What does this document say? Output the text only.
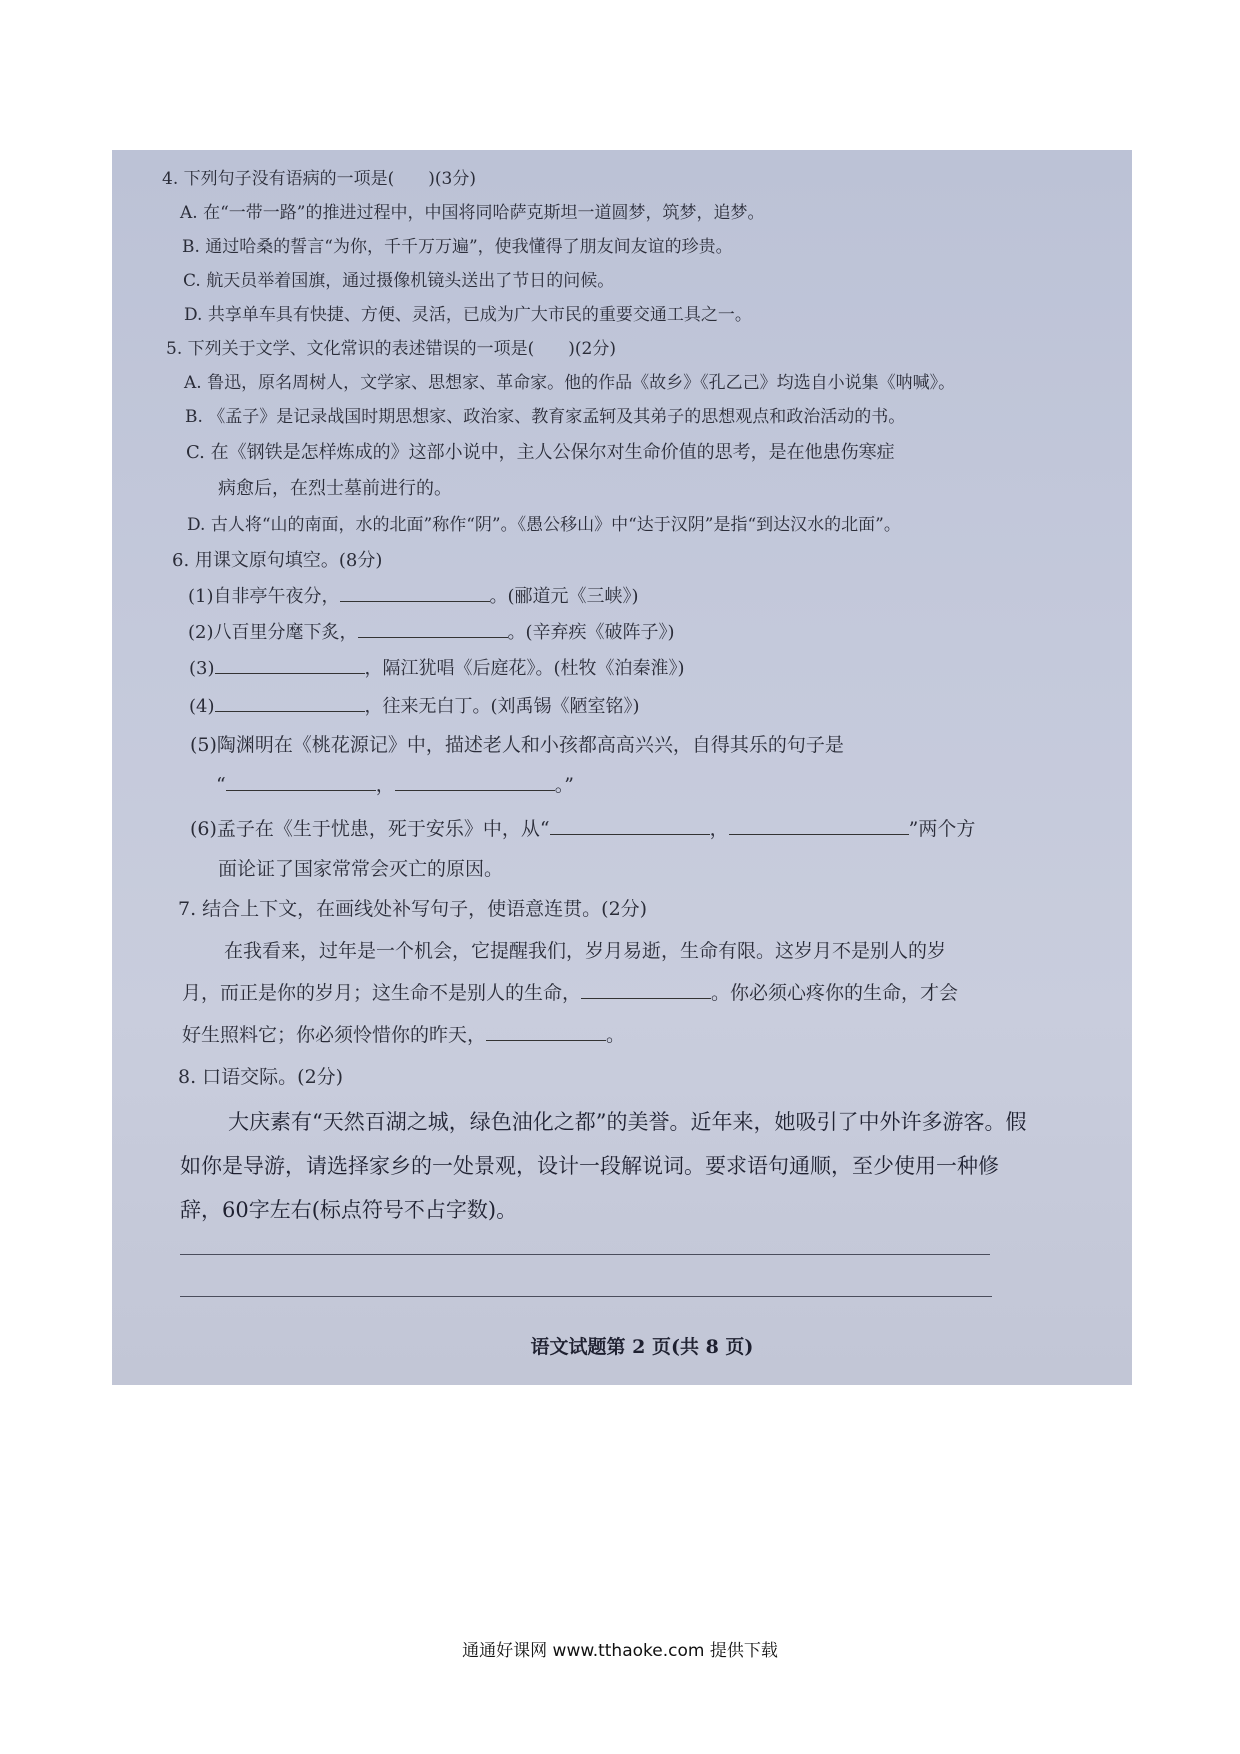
4. 下列句子没有语病的一项是(　　)(3分)
A. 在“一带一路”的推进过程中，中国将同哈萨克斯坦一道圆梦，筑梦，追梦。
B. 通过哈桑的誓言“为你，千千万万遍”，使我懂得了朋友间友谊的珍贵。
C. 航天员举着国旗，通过摄像机镜头送出了节日的问候。
D. 共享单车具有快捷、方便、灵活，已成为广大市民的重要交通工具之一。
5. 下列关于文学、文化常识的表述错误的一项是(　　)(2分)
A. 鲁迅，原名周树人，文学家、思想家、革命家。他的作品《故乡》《孔乙己》均选自小说集《呐喊》。
B. 《孟子》是记录战国时期思想家、政治家、教育家孟轲及其弟子的思想观点和政治活动的书。
C. 在《钢铁是怎样炼成的》这部小说中，主人公保尔对生命价值的思考，是在他患伤寒症
病愈后，在烈士墓前进行的。
D. 古人将“山的南面，水的北面”称作“阴”。《愚公移山》中“达于汉阴”是指“到达汉水的北面”。
6. 用课文原句填空。(8分)
(1)自非亭午夜分，	。(郦道元《三峡》)
(2)八百里分麾下炙，	。(辛弃疾《破阵子》)
(3)	，隔江犹唱《后庭花》。(杜牧《泊秦淮》)
(4)	，往来无白丁。(刘禹锡《陋室铭》)
(5)陶渊明在《桃花源记》中，描述老人和小孩都高高兴兴，自得其乐的句子是
“	，	。”
(6)孟子在《生于忧患，死于安乐》中，从“	，	”两个方
面论证了国家常常会灭亡的原因。
7. 结合上下文，在画线处补写句子，使语意连贯。(2分)
在我看来，过年是一个机会，它提醒我们，岁月易逝，生命有限。这岁月不是别人的岁
月，而正是你的岁月；这生命不是别人的生命，	。你必须心疼你的生命，才会
好生照料它；你必须怜惜你的昨天，	。
8. 口语交际。(2分)
大庆素有“天然百湖之城，绿色油化之都”的美誉。近年来，她吸引了中外许多游客。假
如你是导游，请选择家乡的一处景观，设计一段解说词。要求语句通顺，至少使用一种修
辞，60字左右(标点符号不占字数)。
语文试题第 2 页(共 8 页)
通通好课网 www.tthaoke.com 提供下载
